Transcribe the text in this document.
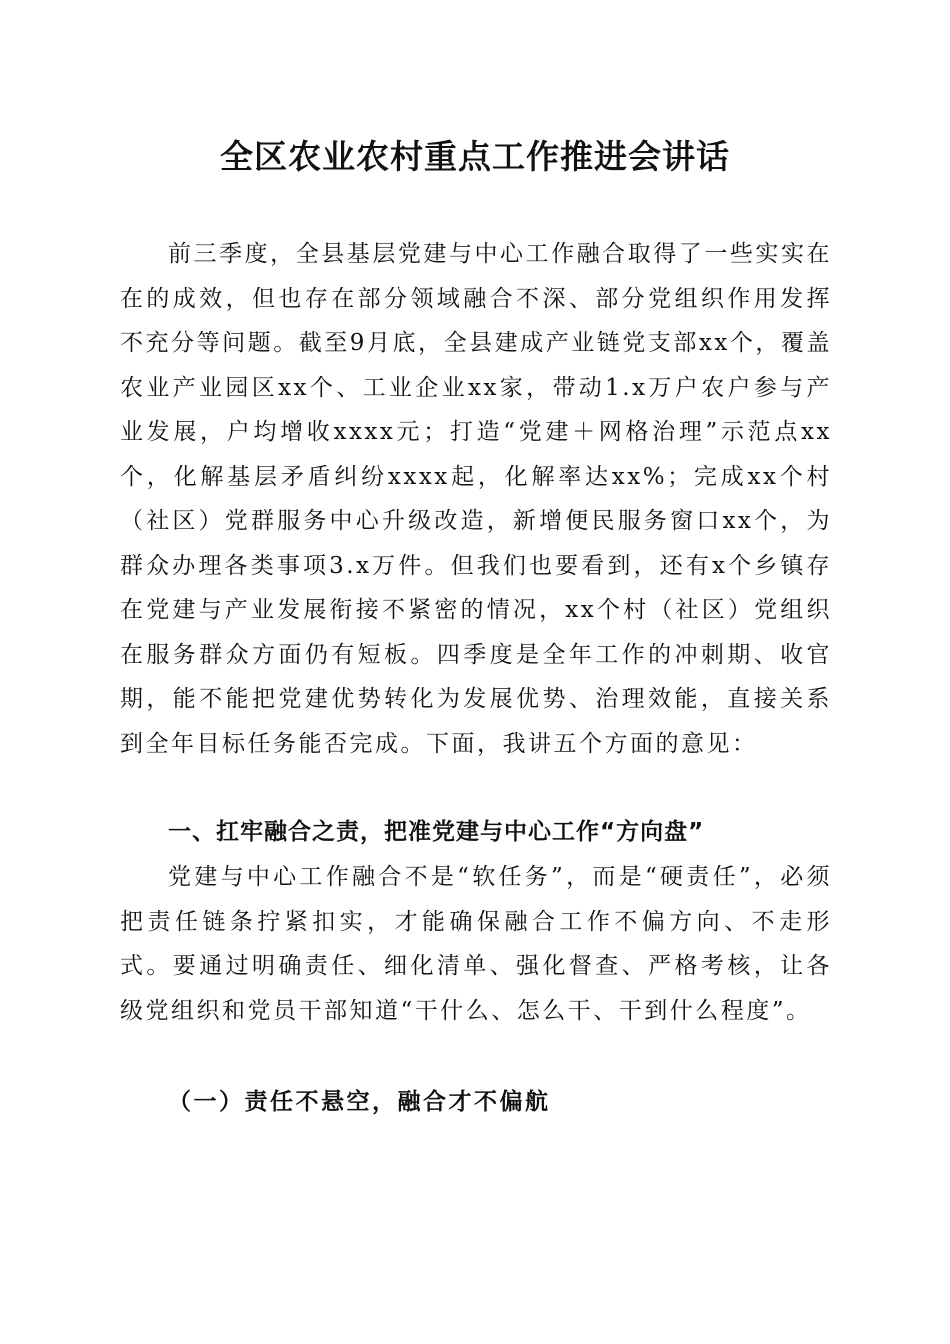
全区农业农村重点工作推进会讲话

前三季度，全县基层党建与中心工作融合取得了一些实实在在的成效，但也存在部分领域融合不深、部分党组织作用发挥不充分等问题。截至9月底，全县建成产业链党支部xx个，覆盖农业产业园区xx个、工业企业xx家，带动1.x万户农户参与产业发展，户均增收xxxx元；打造“党建＋网格治理”示范点xx个，化解基层矛盾纠纷xxxx起，化解率达xx%；完成xx个村（社区）党群服务中心升级改造，新增便民服务窗口xx个，为群众办理各类事项3.x万件。但我们也要看到，还有x个乡镇存在党建与产业发展衔接不紧密的情况，xx个村（社区）党组织在服务群众方面仍有短板。四季度是全年工作的冲刺期、收官期，能不能把党建优势转化为发展优势、治理效能，直接关系到全年目标任务能否完成。下面，我讲五个方面的意见：

一、扛牢融合之责，把准党建与中心工作“方向盘”

党建与中心工作融合不是“软任务”，而是“硬责任”，必须把责任链条拧紧扣实，才能确保融合工作不偏方向、不走形式。要通过明确责任、细化清单、强化督查、严格考核，让各级党组织和党员干部知道“干什么、怎么干、干到什么程度”。

（一）责任不悬空，融合才不偏航
